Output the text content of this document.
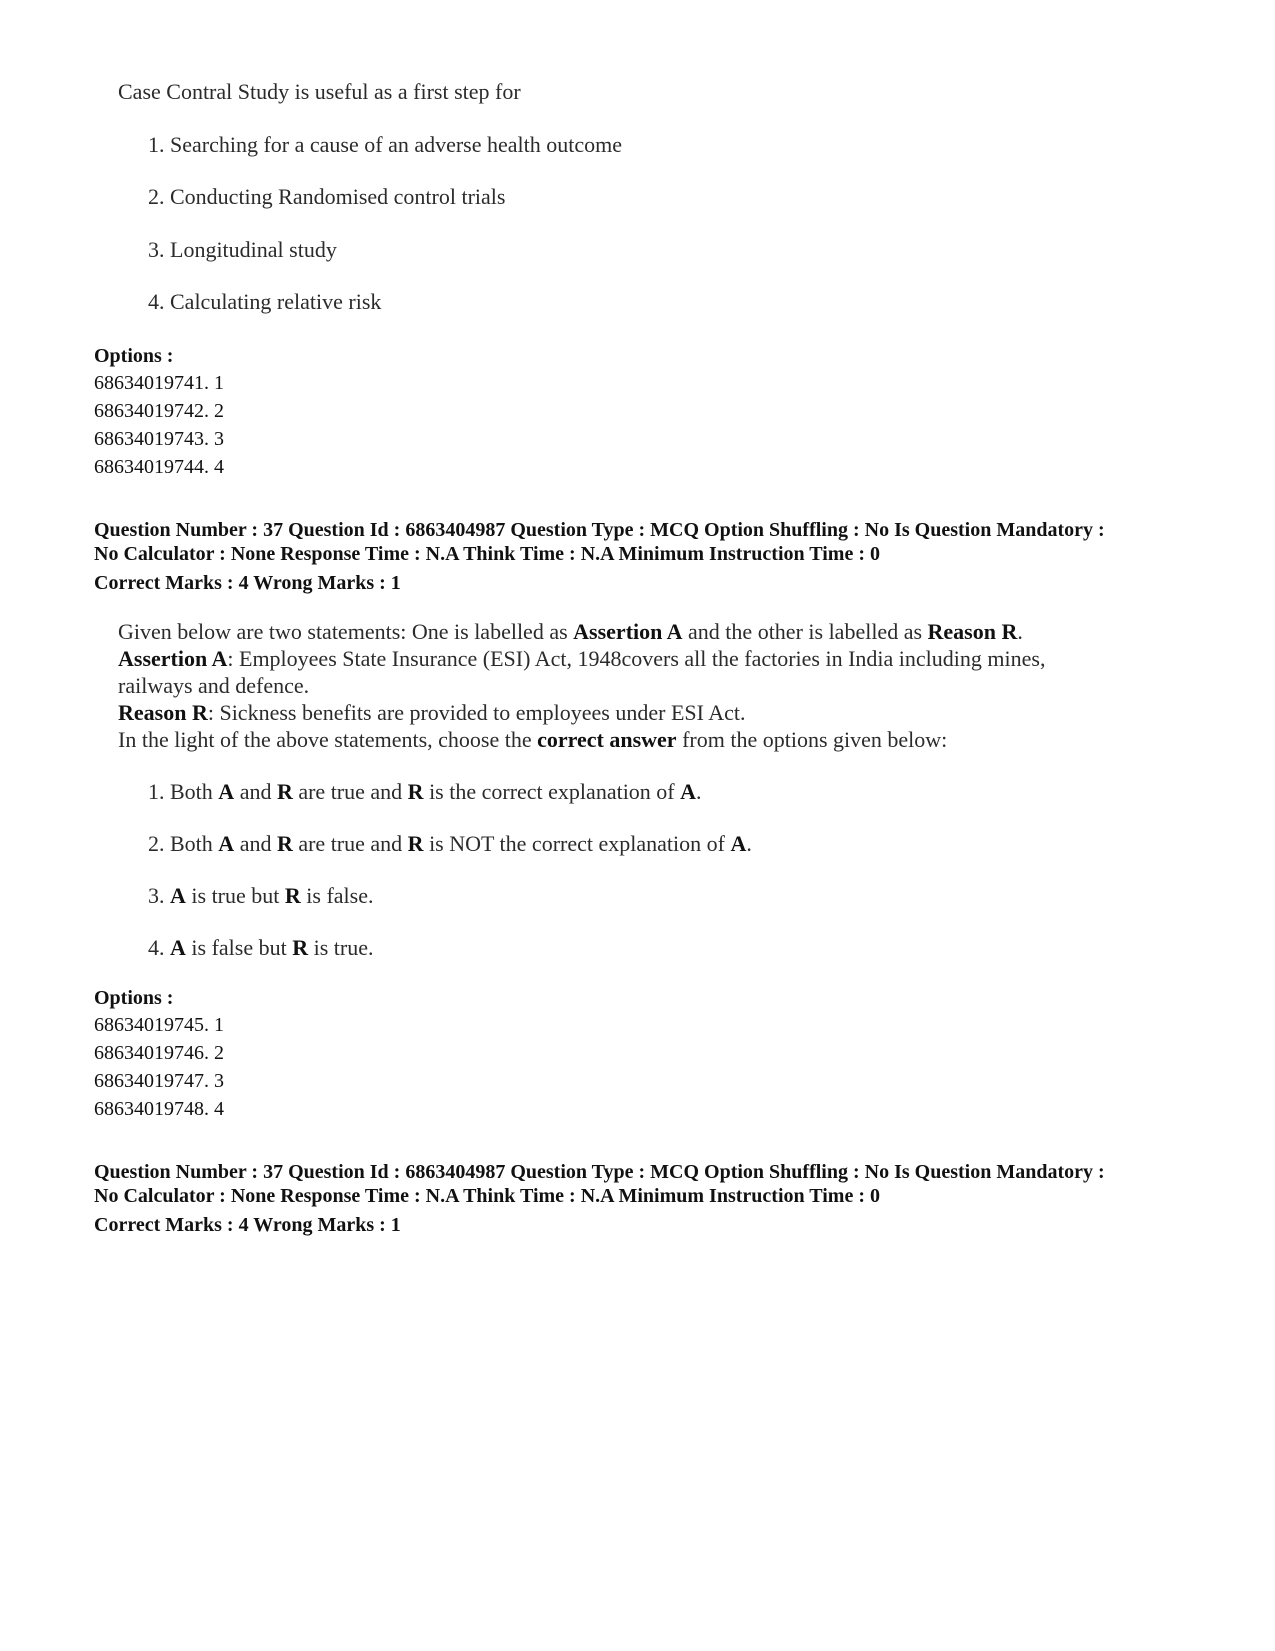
Case Contral Study is useful as a first step for
1. Searching for a cause of an adverse health outcome
2. Conducting Randomised control trials
3. Longitudinal study
4. Calculating relative risk
Options :
68634019741. 1
68634019742. 2
68634019743. 3
68634019744. 4
Question Number : 37 Question Id : 6863404987 Question Type : MCQ Option Shuffling : No Is Question Mandatory :
No Calculator : None Response Time : N.A Think Time : N.A Minimum Instruction Time : 0
Correct Marks : 4 Wrong Marks : 1
Given below are two statements: One is labelled as Assertion A and the other is labelled as Reason R.
Assertion A: Employees State Insurance (ESI) Act, 1948covers all the factories in India including mines,
railways and defence.
Reason R: Sickness benefits are provided to employees under ESI Act.
In the light of the above statements, choose the correct answer from the options given below:
1. Both A and R are true and R is the correct explanation of A.
2. Both A and R are true and R is NOT the correct explanation of A.
3. A is true but R is false.
4. A is false but R is true.
Options :
68634019745. 1
68634019746. 2
68634019747. 3
68634019748. 4
Question Number : 37 Question Id : 6863404987 Question Type : MCQ Option Shuffling : No Is Question Mandatory :
No Calculator : None Response Time : N.A Think Time : N.A Minimum Instruction Time : 0
Correct Marks : 4 Wrong Marks : 1
